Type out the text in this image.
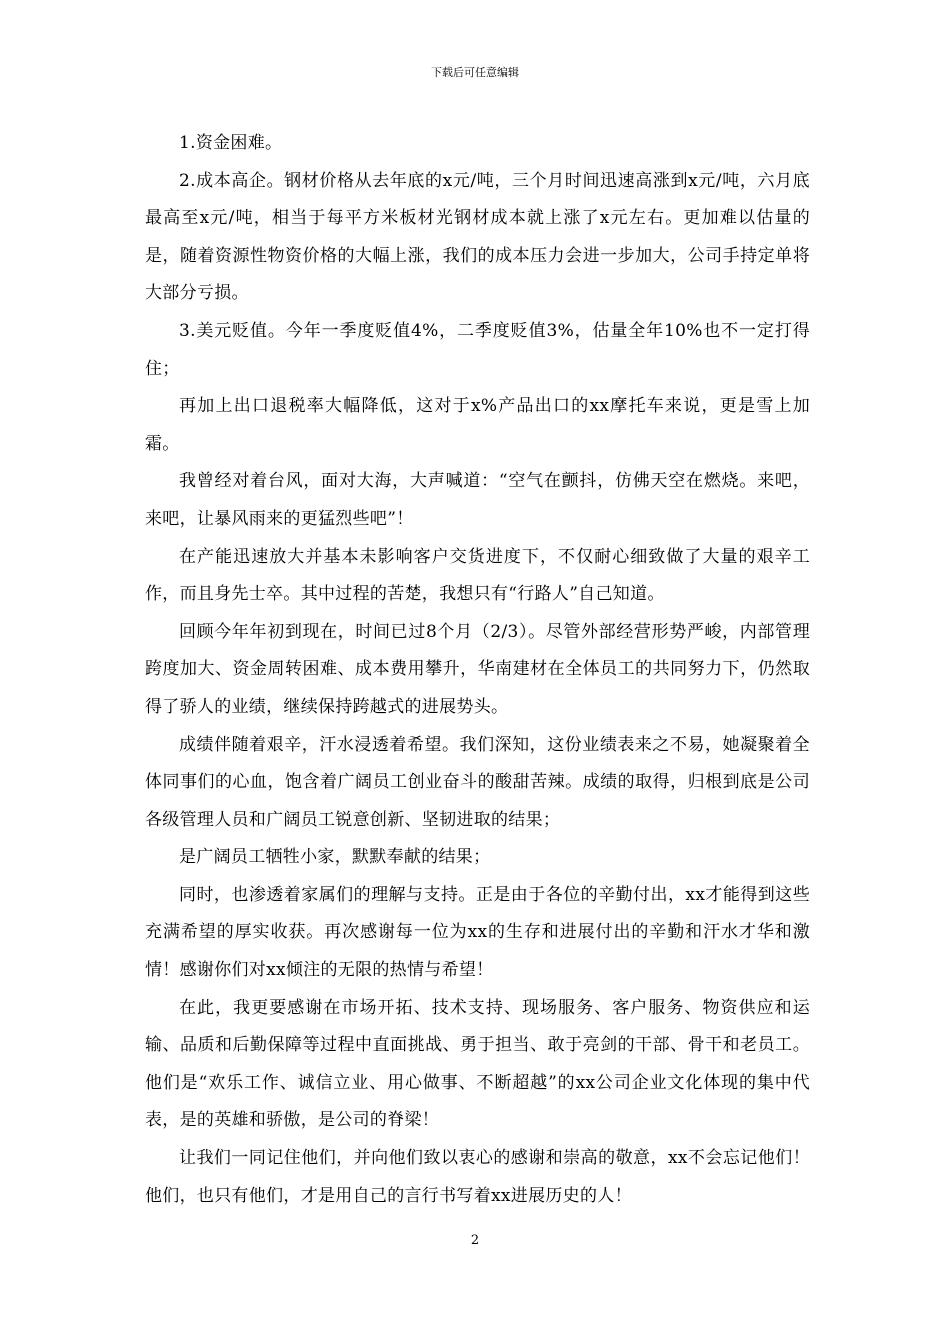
下载后可任意编辑

1.资金困难。

2.成本高企。钢材价格从去年底的x元/吨，三个月时间迅速高涨到x元/吨，六月底最高至x元/吨，相当于每平方米板材光钢材成本就上涨了x元左右。更加难以估量的是，随着资源性物资价格的大幅上涨，我们的成本压力会进一步加大，公司手持定单将大部分亏损。

3.美元贬值。今年一季度贬值4%，二季度贬值3%，估量全年10%也不一定打得住；

再加上出口退税率大幅降低，这对于x%产品出口的xx摩托车来说，更是雪上加霜。

我曾经对着台风，面对大海，大声喊道：“空气在颤抖，仿佛天空在燃烧。来吧，来吧，让暴风雨来的更猛烈些吧”！

在产能迅速放大并基本未影响客户交货进度下，不仅耐心细致做了大量的艰辛工作，而且身先士卒。其中过程的苦楚，我想只有“行路人”自己知道。

回顾今年年初到现在，时间已过8个月（2/3）。尽管外部经营形势严峻，内部管理跨度加大、资金周转困难、成本费用攀升，华南建材在全体员工的共同努力下，仍然取得了骄人的业绩，继续保持跨越式的进展势头。

成绩伴随着艰辛，汗水浸透着希望。我们深知，这份业绩表来之不易，她凝聚着全体同事们的心血，饱含着广阔员工创业奋斗的酸甜苦辣。成绩的取得，归根到底是公司各级管理人员和广阔员工锐意创新、坚韧进取的结果；

是广阔员工牺牲小家，默默奉献的结果；

同时，也渗透着家属们的理解与支持。正是由于各位的辛勤付出，xx才能得到这些充满希望的厚实收获。再次感谢每一位为xx的生存和进展付出的辛勤和汗水才华和激情！感谢你们对xx倾注的无限的热情与希望！

在此，我更要感谢在市场开拓、技术支持、现场服务、客户服务、物资供应和运输、品质和后勤保障等过程中直面挑战、勇于担当、敢于亮剑的干部、骨干和老员工。他们是“欢乐工作、诚信立业、用心做事、不断超越”的xx公司企业文化体现的集中代表，是的英雄和骄傲，是公司的脊梁！

让我们一同记住他们，并向他们致以衷心的感谢和崇高的敬意，xx不会忘记他们！他们，也只有他们，才是用自己的言行书写着xx进展历史的人！

2
